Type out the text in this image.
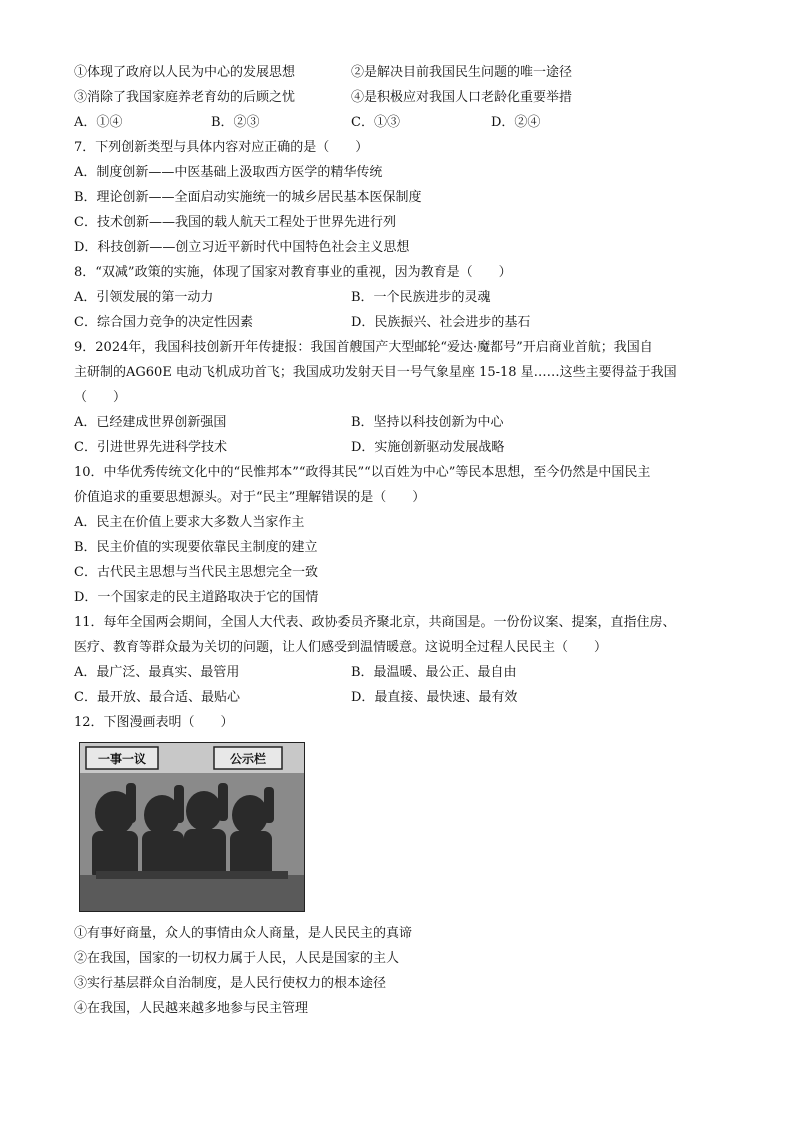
①体现了政府以人民为中心的发展思想	②是解决目前我国民生问题的唯一途径
③消除了我国家庭养老育幼的后顾之忧	④是积极应对我国人口老龄化重要举措
A．①④	B．②③	C．①③	D．②④
7．下列创新类型与具体内容对应正确的是（　　）
A．制度创新——中医基础上汲取西方医学的精华传统
B．理论创新——全面启动实施统一的城乡居民基本医保制度
C．技术创新——我国的载人航天工程处于世界先进行列
D．科技创新——创立习近平新时代中国特色社会主义思想
8．“双减”政策的实施，体现了国家对教育事业的重视，因为教育是（　　）
A．引领发展的第一动力	B．一个民族进步的灵魂
C．综合国力竞争的决定性因素	D．民族振兴、社会进步的基石
9．2024年，我国科技创新开年传捷报：我国首艘国产大型邮轮“爱达·魔都号”开启商业首航；我国自
主研制的AG60E 电动飞机成功首飞；我国成功发射天目一号气象星座 15-18 星……这些主要得益于我国
（　　）
A．已经建成世界创新强国	B．坚持以科技创新为中心
C．引进世界先进科学技术	D．实施创新驱动发展战略
10．中华优秀传统文化中的“民惟邦本”“政得其民”“以百姓为中心”等民本思想，至今仍然是中国民主
价值追求的重要思想源头。对于“民主”理解错误的是（　　）
A．民主在价值上要求大多数人当家作主
B．民主价值的实现要依靠民主制度的建立
C．古代民主思想与当代民主思想完全一致
D．一个国家走的民主道路取决于它的国情
11．每年全国两会期间，全国人大代表、政协委员齐聚北京，共商国是。一份份议案、提案，直指住房、
医疗、教育等群众最为关切的问题，让人们感受到温情暖意。这说明全过程人民民主（　　）
A．最广泛、最真实、最管用	B．最温暖、最公正、最自由
C．最开放、最合适、最贴心	D．最直接、最快速、最有效
12．下图漫画表明（　　）
一事一议	公示栏
①有事好商量，众人的事情由众人商量，是人民民主的真谛
②在我国，国家的一切权力属于人民，人民是国家的主人
③实行基层群众自治制度，是人民行使权力的根本途径
④在我国，人民越来越多地参与民主管理
